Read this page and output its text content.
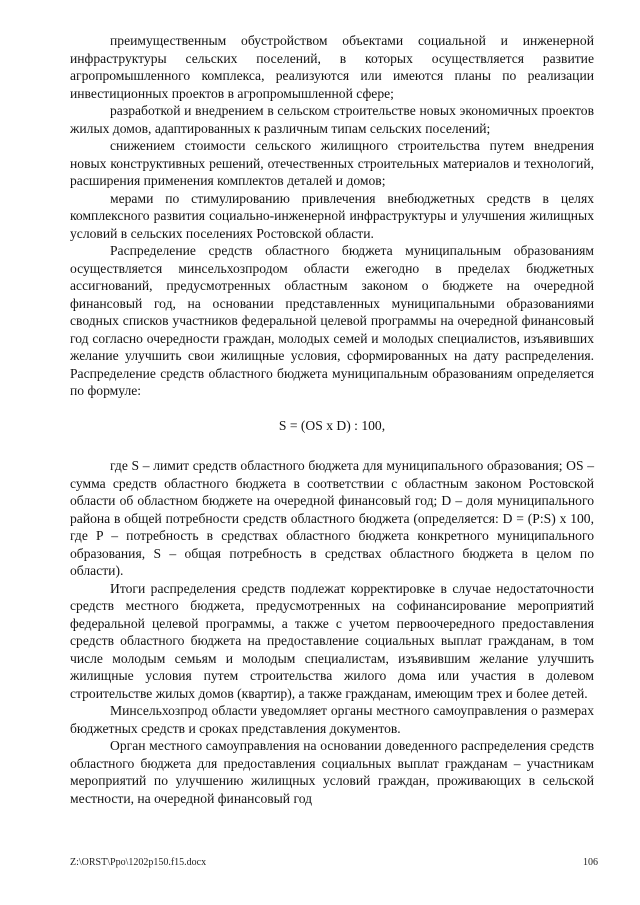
преимущественным обустройством объектами социальной и инженерной инфраструктуры сельских поселений, в которых осуществляется развитие агропромышленного комплекса, реализуются или имеются планы по реализации инвестиционных проектов в агропромышленной сфере;

разработкой и внедрением в сельском строительстве новых экономичных проектов жилых домов, адаптированных к различным типам сельских поселений;

снижением стоимости сельского жилищного строительства путем внедрения новых конструктивных решений, отечественных строительных материалов и технологий, расширения применения комплектов деталей и домов;

мерами по стимулированию привлечения внебюджетных средств в целях комплексного развития социально-инженерной инфраструктуры и улучшения жилищных условий в сельских поселениях Ростовской области.

Распределение средств областного бюджета муниципальным образованиям осуществляется минсельхозпродом области ежегодно в пределах бюджетных ассигнований, предусмотренных областным законом о бюджете на очередной финансовый год, на основании представленных муниципальными образованиями сводных списков участников федеральной целевой программы на очередной финансовый год согласно очередности граждан, молодых семей и молодых специалистов, изъявивших желание улучшить свои жилищные условия, сформированных на дату распределения. Распределение средств областного бюджета муниципальным образованиям определяется по формуле:

S = (OS x D) : 100,

где S – лимит средств областного бюджета для муниципального образования; OS – сумма средств областного бюджета в соответствии с областным законом Ростовской области об областном бюджете на очередной финансовый год; D – доля муниципального района в общей потребности средств областного бюджета (определяется: D = (P:S) x 100, где P – потребность в средствах областного бюджета конкретного муниципального образования, S – общая потребность в средствах областного бюджета в целом по области).

Итоги распределения средств подлежат корректировке в случае недостаточности средств местного бюджета, предусмотренных на софинансирование мероприятий федеральной целевой программы, а также с учетом первоочередного предоставления средств областного бюджета на предоставление социальных выплат гражданам, в том числе молодым семьям и молодым специалистам, изъявившим желание улучшить жилищные условия путем строительства жилого дома или участия в долевом строительстве жилых домов (квартир), а также гражданам, имеющим трех и более детей.

Минсельхозпрод области уведомляет органы местного самоуправления о размерах бюджетных средств и сроках представления документов.

Орган местного самоуправления на основании доведенного распределения средств областного бюджета для предоставления социальных выплат гражданам – участникам мероприятий по улучшению жилищных условий граждан, проживающих в сельской местности, на очередной финансовый год

Z:\ORST\Ppo\1202p150.f15.docx	106
